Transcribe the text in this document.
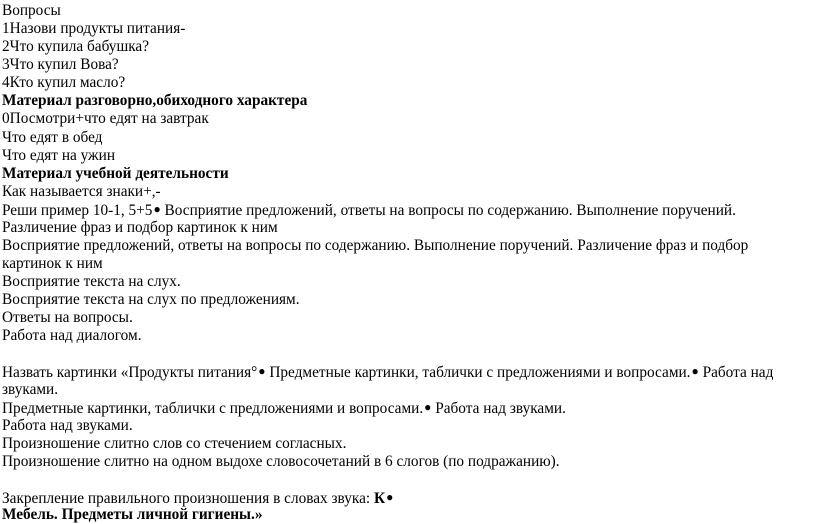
Вопросы
1Назови продукты питания-
2Что купила бабушка?
3Что купил Вова?
4Кто купил масло?
Материал разговорно,обиходного характера
0Посмотри+что едят на завтрак
Что едят в обед
Что едят на ужин
Материал учебной деятельности
Как называется знаки+,-
Реши пример 10-1, 5+5● Восприятие предложений, ответы на вопросы по содержанию. Выполнение поручений.
Различение фраз и подбор картинок к ним
Восприятие предложений, ответы на вопросы по содержанию. Выполнение поручений. Различение фраз и подбор
картинок к ним
Восприятие текста на слух.
Восприятие текста на слух по предложениям.
Ответы на вопросы.
Работа над диалогом.
Назвать картинки «Продукты питания°● Предметные картинки, таблички с предложениями и вопросами.● Работа над
звуками.
Предметные картинки, таблички с предложениями и вопросами.● Работа над звуками.
Работа над звуками.
Произношение слитно слов со стечением согласных.
Произношение слитно на одном выдохе словосочетаний в 6 слогов (по подражанию).
Закрепление правильного произношения в словах звука: К●
Мебель. Предметы личной гигиены.»
